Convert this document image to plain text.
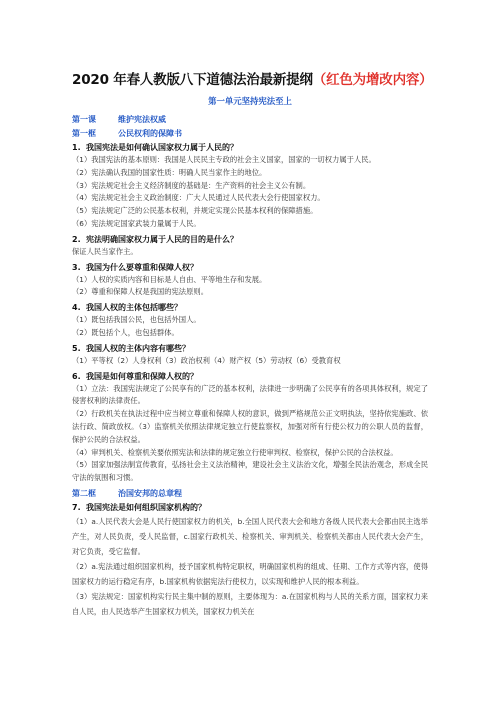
2020 年春人教版八下道德法治最新提纲（红色为增改内容）
第一单元坚持宪法至上
第一课	维护宪法权威
第一框	公民权利的保障书
1. 我国宪法是如何确认国家权力属于人民的？
（1）我国宪法的基本原则：我国是人民民主专政的社会主义国家，国家的一切权力属于人民。
（2）宪法确认我国的国家性质：明确人民当家作主的地位。
（3）宪法规定社会主义经济制度的基础是：生产资料的社会主义公有制。
（4）宪法规定社会主义政治制度：广大人民通过人民代表大会行使国家权力。
（5）宪法规定广泛的公民基本权利，并规定实现公民基本权利的保障措施。
（6）宪法规定国家武装力量属于人民。
2. 宪法明确国家权力属于人民的目的是什么？
保证人民当家作主。
3. 我国为什么要尊重和保障人权？
（1）人权的实质内容和目标是人自由、平等地生存和发展。
（2）尊重和保障人权是我国的宪法原则。
4. 我国人权的主体包括哪些？
（1）既包括我国公民，也包括外国人。
（2）既包括个人，也包括群体。
5. 我国人权的主体内容有哪些？
（1）平等权（2）人身权利（3）政治权利（4）财产权（5）劳动权（6）受教育权
6. 我国是如何尊重和保障人权的？
（1）立法：我国宪法规定了公民享有的广泛的基本权利，法律进一步明确了公民享有的各项具体权利，规定了侵害权利的法律责任。
（2）行政机关在执法过程中应当树立尊重和保障人权的意识，做到严格规范公正文明执法，坚持依宪施政、依法行政、简政放权。（3）监察机关依照法律规定独立行使监察权，加强对所有行使公权力的公职人员的监督，保护公民的合法权益。
（4）审判机关、检察机关要依照宪法和法律的规定独立行使审判权、检察权，保护公民的合法权益。
（5）国家加强法制宣传教育，弘扬社会主义法治精神，建设社会主义法治文化，增强全民法治观念，形成全民守法的氛围和习惯。
第二框	治国安邦的总章程
7. 我国宪法是如何组织国家机构的？
（1）a.人民代表大会是人民行使国家权力的机关，b.全国人民代表大会和地方各级人民代表大会都由民主选举产生，对人民负责，受人民监督，c.国家行政机关、检察机关、审判机关、检察机关都由人民代表大会产生，对它负责，受它监督。
（2）a.宪法通过组织国家机构，授予国家机构特定职权，明确国家机构的组成、任期、工作方式等内容，使得国家权力的运行稳定有序，b.国家机构依据宪法行使权力，以实现和维护人民的根本利益。
（3）宪法规定：国家机构实行民主集中制的原则，主要体现为：a.在国家机构与人民的关系方面，国家权力来自人民，由人民选举产生国家权力机关，国家权力机关在
